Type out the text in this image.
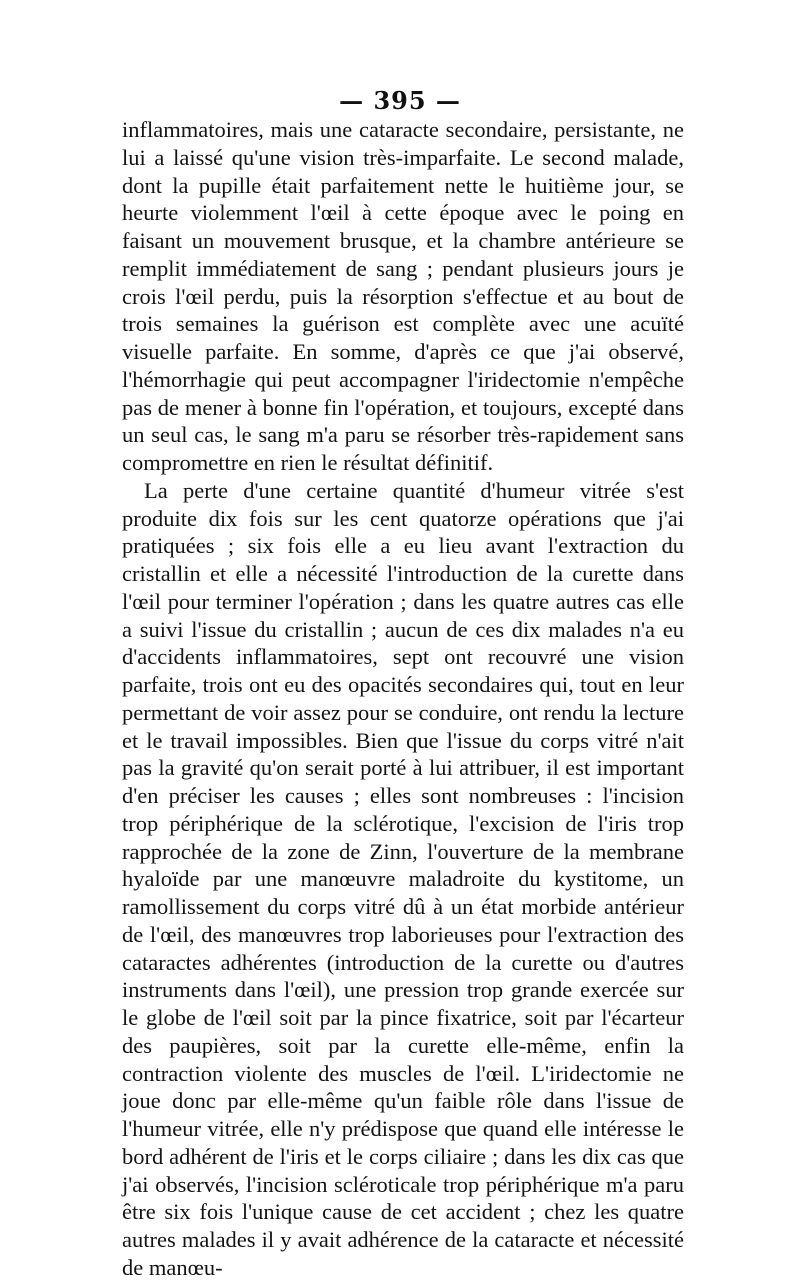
— 395 —

inflammatoires, mais une cataracte secondaire, persistante, ne lui a laissé qu'une vision très-imparfaite. Le second malade, dont la pupille était parfaitement nette le huitième jour, se heurte violemment l'œil à cette époque avec le poing en faisant un mouvement brusque, et la chambre antérieure se remplit immédiatement de sang ; pendant plusieurs jours je crois l'œil perdu, puis la résorption s'effectue et au bout de trois semaines la guérison est complète avec une acuïté visuelle parfaite. En somme, d'après ce que j'ai observé, l'hémorrhagie qui peut accompagner l'iridectomie n'empêche pas de mener à bonne fin l'opération, et toujours, excepté dans un seul cas, le sang m'a paru se résorber très-rapidement sans compromettre en rien le résultat définitif.

La perte d'une certaine quantité d'humeur vitrée s'est produite dix fois sur les cent quatorze opérations que j'ai pratiquées ; six fois elle a eu lieu avant l'extraction du cristallin et elle a nécessité l'introduction de la curette dans l'œil pour terminer l'opération ; dans les quatre autres cas elle a suivi l'issue du cristallin ; aucun de ces dix malades n'a eu d'accidents inflammatoires, sept ont recouvré une vision parfaite, trois ont eu des opacités secondaires qui, tout en leur permettant de voir assez pour se conduire, ont rendu la lecture et le travail impossibles. Bien que l'issue du corps vitré n'ait pas la gravité qu'on serait porté à lui attribuer, il est important d'en préciser les causes ; elles sont nombreuses : l'incision trop périphérique de la sclérotique, l'excision de l'iris trop rapprochée de la zone de Zinn, l'ouverture de la membrane hyaloïde par une manœuvre maladroite du kystitome, un ramollissement du corps vitré dû à un état morbide antérieur de l'œil, des manœuvres trop laborieuses pour l'extraction des cataractes adhérentes (introduction de la curette ou d'autres instruments dans l'œil), une pression trop grande exercée sur le globe de l'œil soit par la pince fixatrice, soit par l'écarteur des paupières, soit par la curette elle-même, enfin la contraction violente des muscles de l'œil. L'iridectomie ne joue donc par elle-même qu'un faible rôle dans l'issue de l'humeur vitrée, elle n'y prédispose que quand elle intéresse le bord adhérent de l'iris et le corps ciliaire ; dans les dix cas que j'ai observés, l'incision scléroticale trop périphérique m'a paru être six fois l'unique cause de cet accident ; chez les quatre autres malades il y avait adhérence de la cataracte et nécessité de manœu-
